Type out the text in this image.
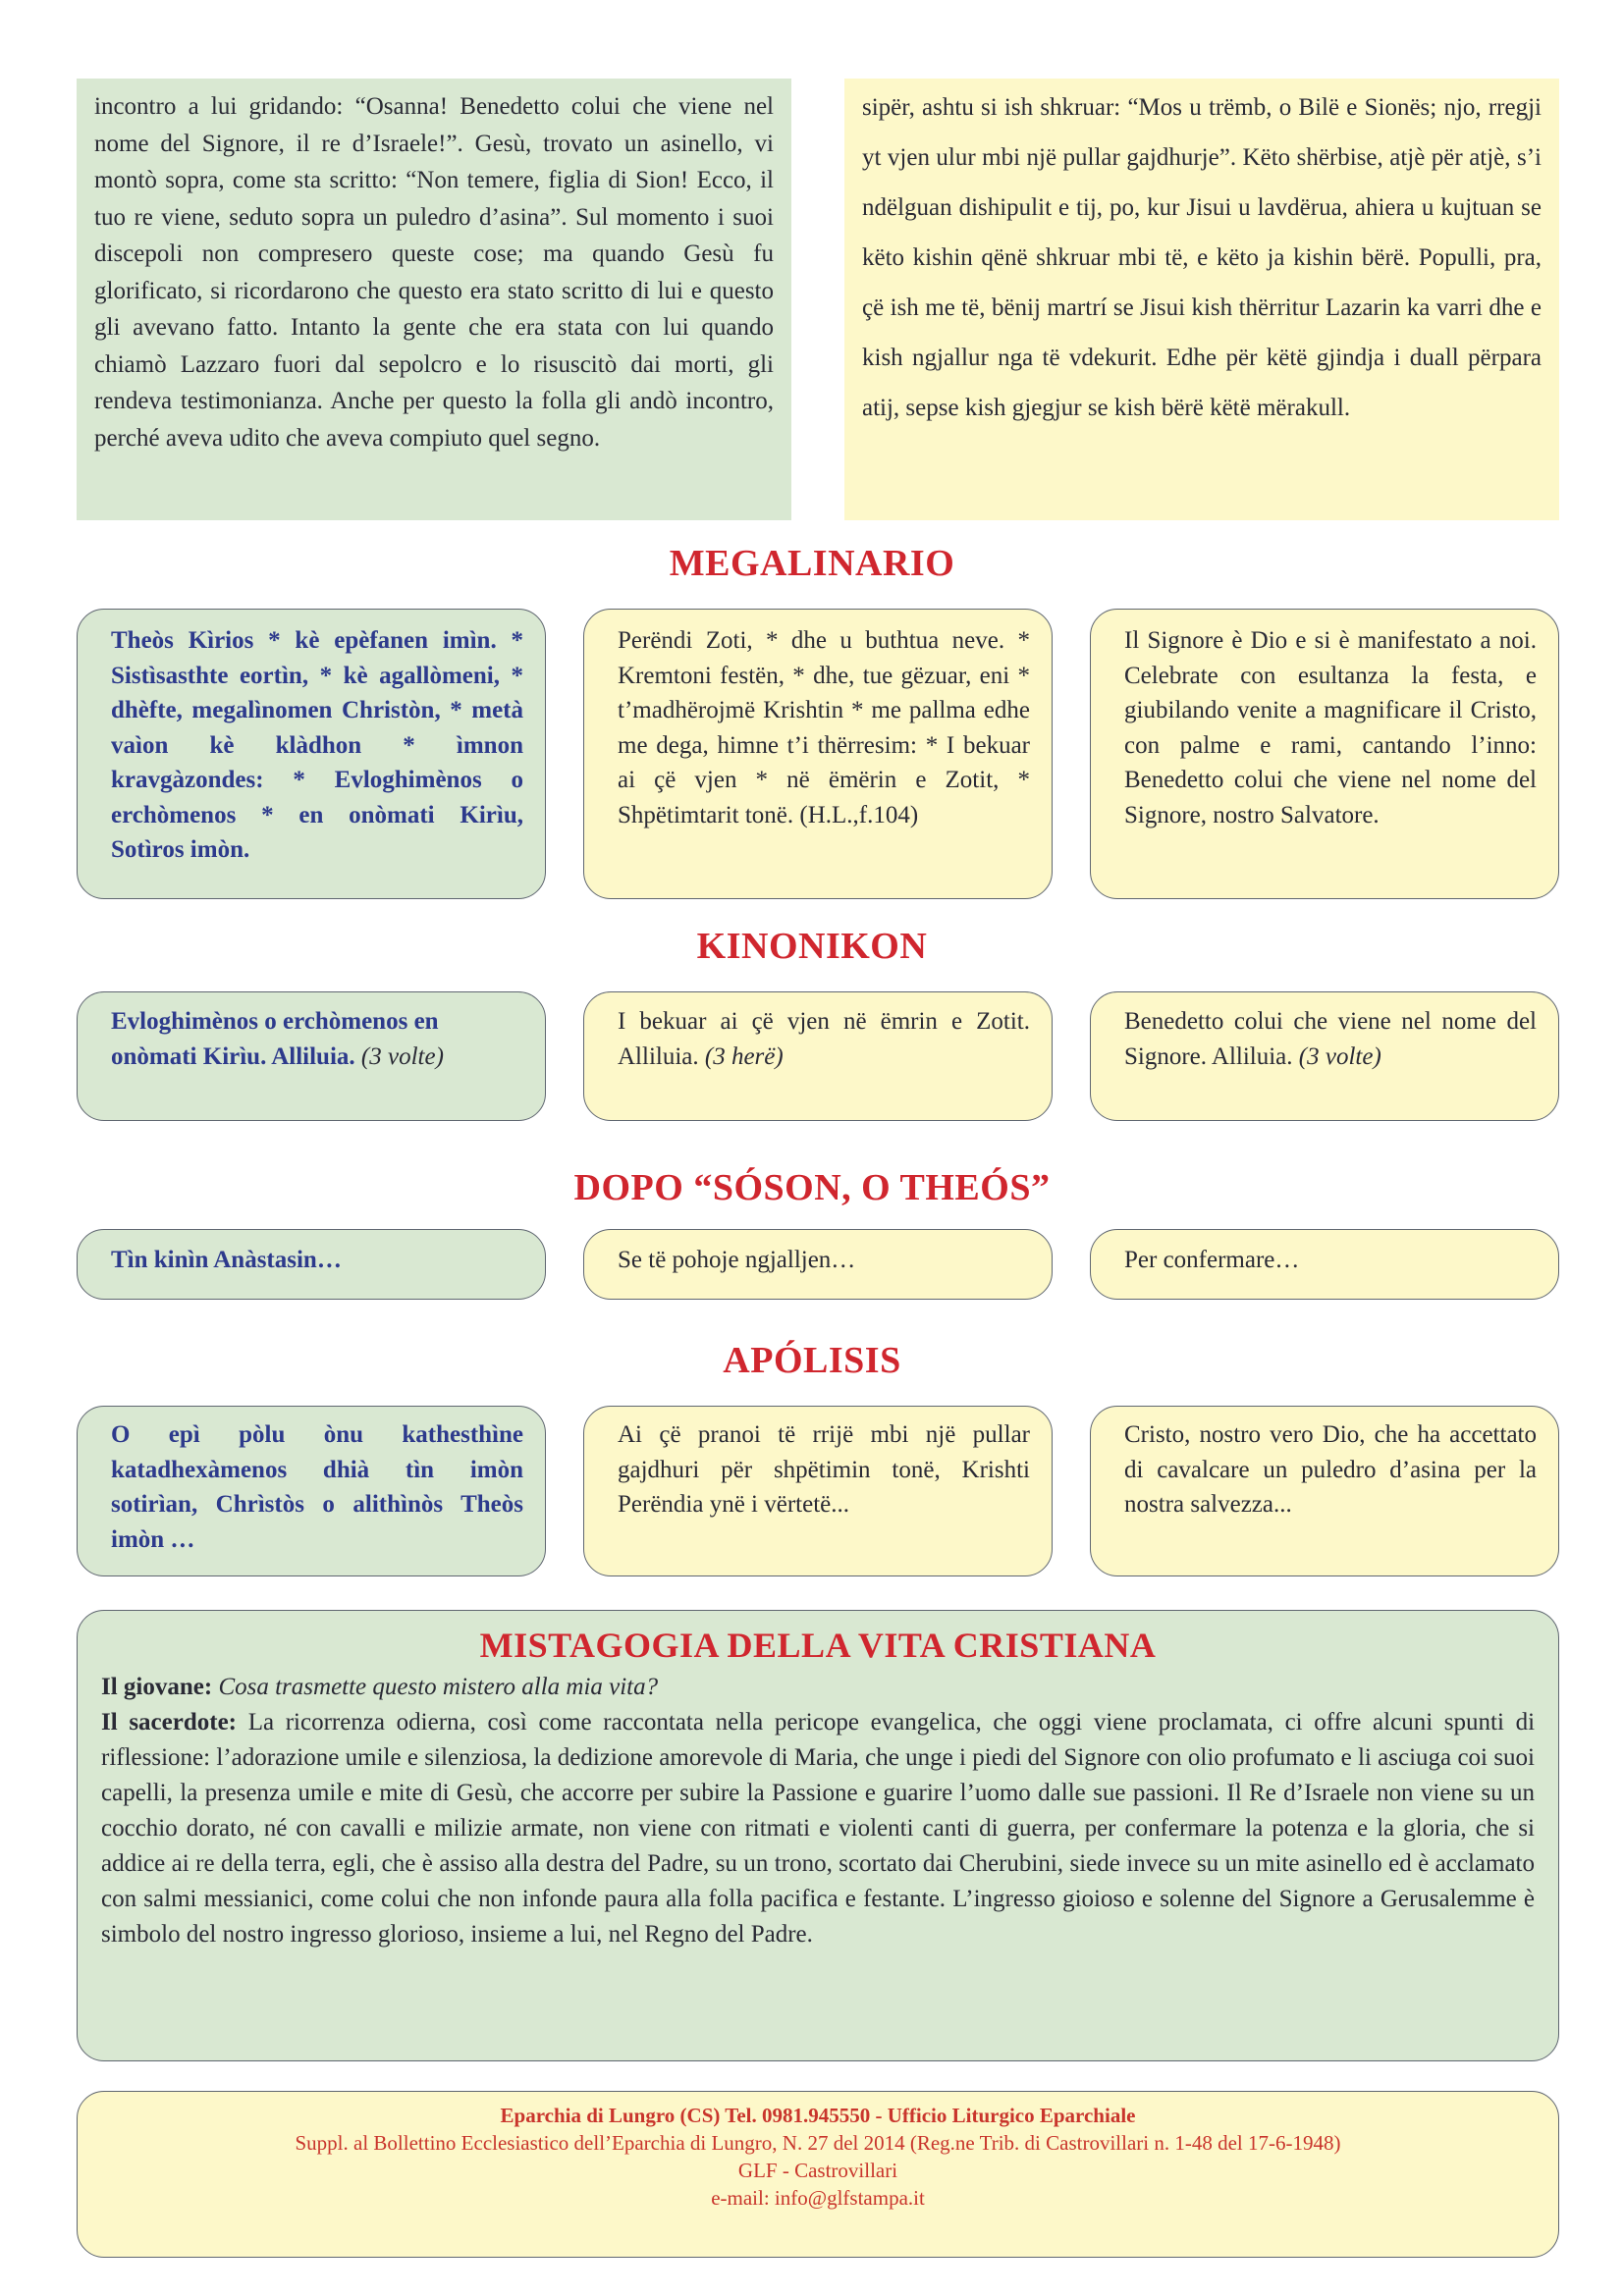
incontro a lui gridando: “Osanna! Benedetto colui che viene nel nome del Signore, il re d’Israele!”. Gesù, trovato un asinello, vi montò sopra, come sta scritto: “Non temere, figlia di Sion! Ecco, il tuo re viene, seduto sopra un puledro d’asina”. Sul momento i suoi discepoli non compresero queste cose; ma quando Gesù fu glorificato, si ricordarono che questo era stato scritto di lui e questo gli avevano fatto. Intanto la gente che era stata con lui quando chiamò Lazzaro fuori dal sepolcro e lo risuscitò dai morti, gli rendeva testimonianza. Anche per questo la folla gli andò incontro, perché aveva udito che aveva compiuto quel segno.
sipër, ashtu si ish shkruar: “Mos u trëmb, o Bilë e Sionës; njo, rregji yt vjen ulur mbi një pullar gajdhurje”. Këto shërbise, atjè për atjè, s’i ndëlguan dishipulit e tij, po, kur Jisui u lavdërua, ahiera u kujtuan se këto kishin qënë shkruar mbi të, e këto ja kishin bërë. Populli, pra, çë ish me të, bënij martrí se Jisui kish thërritur Lazarin ka varri dhe e kish ngjallur nga të vdekurit. Edhe për këtë gjindja i duall përpara atij, sepse kish gjegjur se kish bërë këtë mërakull.
MEGALINARIO
Theòs Kìrios * kè epèfanen imìn. * Sistìsasthte eortìn, * kè agallòmeni, * dhèfte, megalìnomen Christòn, * metà vaìon kè klàdhon * ìmnon kravgàzondes: * Evloghimènos o erchòmenos * en onòmati Kirìu, Sotìros imòn.
Perëndi Zoti, * dhe u buthtua neve. * Kremtoni festën, * dhe, tue gëzuar, eni * t’madhërojmë Krishtin * me pallma edhe me dega, himne t’i thërresim: * I bekuar ai çë vjen * në ëmërin e Zotit, * Shpëtimtarit tonë. (H.L.,f.104)
Il Signore è Dio e si è manifestato a noi. Celebrate con esultanza la festa, e giubilando venite a magnificare il Cristo, con palme e rami, cantando l’inno: Benedetto colui che viene nel nome del Signore, nostro Salvatore.
KINONIKON
Evloghimènos o erchòmenos en onòmati Kirìu. Alliluia. (3 volte)
I bekuar ai çë vjen në ëmrin e Zotit. Alliluia. (3 herë)
Benedetto colui che viene nel nome del Signore. Alliluia. (3 volte)
DOPO “SÓSON, O THEÓS”
Tìn kinìn Anàstasin…	Se të pohoje ngjalljen…	Per confermare…
APÓLISIS
O epì pòlu ònu kathesthìne katadhexàmenos dhià tìn imòn sotirìan, Chrìstòs o alithìnòs Theòs imòn …
Ai çë pranoi të rrijë mbi një pullar gajdhuri për shpëtimin tonë, Krishti Perëndia ynë i vërtetë...
Cristo, nostro vero Dio, che ha accettato di cavalcare un puledro d’asina per la nostra salvezza...
MISTAGOGIA DELLA VITA CRISTIANA

Il giovane: Cosa trasmette questo mistero alla mia vita?

Il sacerdote: La ricorrenza odierna, così come raccontata nella pericope evangelica, che oggi viene proclamata, ci offre alcuni spunti di riflessione: l’adorazione umile e silenziosa, la dedizione amorevole di Maria, che unge i piedi del Signore con olio profumato e li asciuga coi suoi capelli, la presenza umile e mite di Gesù, che accorre per subire la Passione e guarire l’uomo dalle sue passioni. Il Re d’Israele non viene su un cocchio dorato, né con cavalli e milizie armate, non viene con ritmati e violenti canti di guerra, per confermare la potenza e la gloria, che si addice ai re della terra, egli, che è assiso alla destra del Padre, su un trono, scortato dai Cherubini, siede invece su un mite asinello ed è acclamato con salmi messianici, come colui che non infonde paura alla folla pacifica e festante. L’ingresso gioioso e solenne del Signore a Gerusalemme è simbolo del nostro ingresso glorioso, insieme a lui, nel Regno del Padre.

Eparchia di Lungro (CS) Tel. 0981.945550 - Ufficio Liturgico Eparchiale
Suppl. al Bollettino Ecclesiastico dell’Eparchia di Lungro, N. 27 del 2014 (Reg.ne Trib. di Castrovillari n. 1-48 del 17-6-1948)
GLF - Castrovillari
e-mail: info@glfstampa.it
